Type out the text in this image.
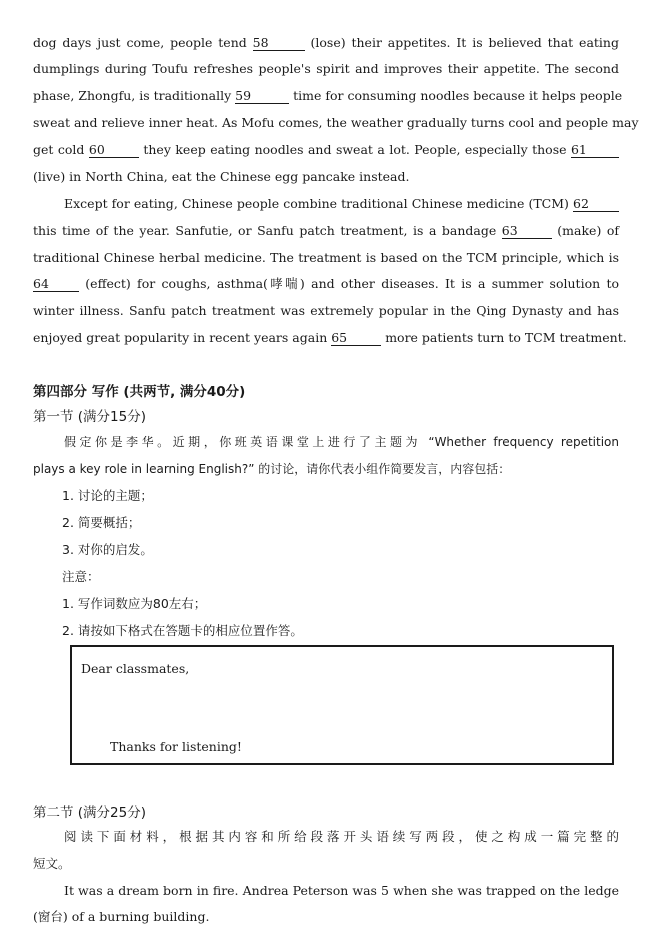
dog days just come, people tend 58	(lose) their appetites. It is believed that eating
dumplings during Toufu refreshes people's spirit and improves their appetite. The second
phase, Zhongfu, is traditionally 59	time for consuming noodles because it helps people
sweat and relieve inner heat. As Mofu comes, the weather gradually turns cool and people may
get cold 60	they keep eating noodles and sweat a lot. People, especially those 61
(live) in North China, eat the Chinese egg pancake instead.
Except for eating, Chinese people combine traditional Chinese medicine (TCM) 62
this time of the year. Sanfutie, or Sanfu patch treatment, is a bandage 63	(make) of
traditional Chinese herbal medicine. The treatment is based on the TCM principle, which is
64 (effect) for coughs, asthma(哮喘) and other diseases. It is a summer solution to
winter illness. Sanfu patch treatment was extremely popular in the Qing Dynasty and has
enjoyed great popularity in recent years again 65	more patients turn to TCM treatment.
第四部分 写作 (共两节, 满分40分)
第一节 (满分15分)
假定你是李华。近期，你班英语课堂上进行了主题为 “Whether frequency repetition
plays a key role in learning English?” 的讨论，请你代表小组作简要发言，内容包括：
1. 讨论的主题；
2. 简要概括；
3. 对你的启发。
注意：
1. 写作词数应为80左右；
2. 请按如下格式在答题卡的相应位置作答。
Dear classmates,
Thanks for listening!
第二节 (满分25分)
阅读下面材料，根据其内容和所给段落开头语续写两段，使之构成一篇完整的
短文。
It was a dream born in fire. Andrea Peterson was 5 when she was trapped on the ledge
(窗台) of a burning building.
